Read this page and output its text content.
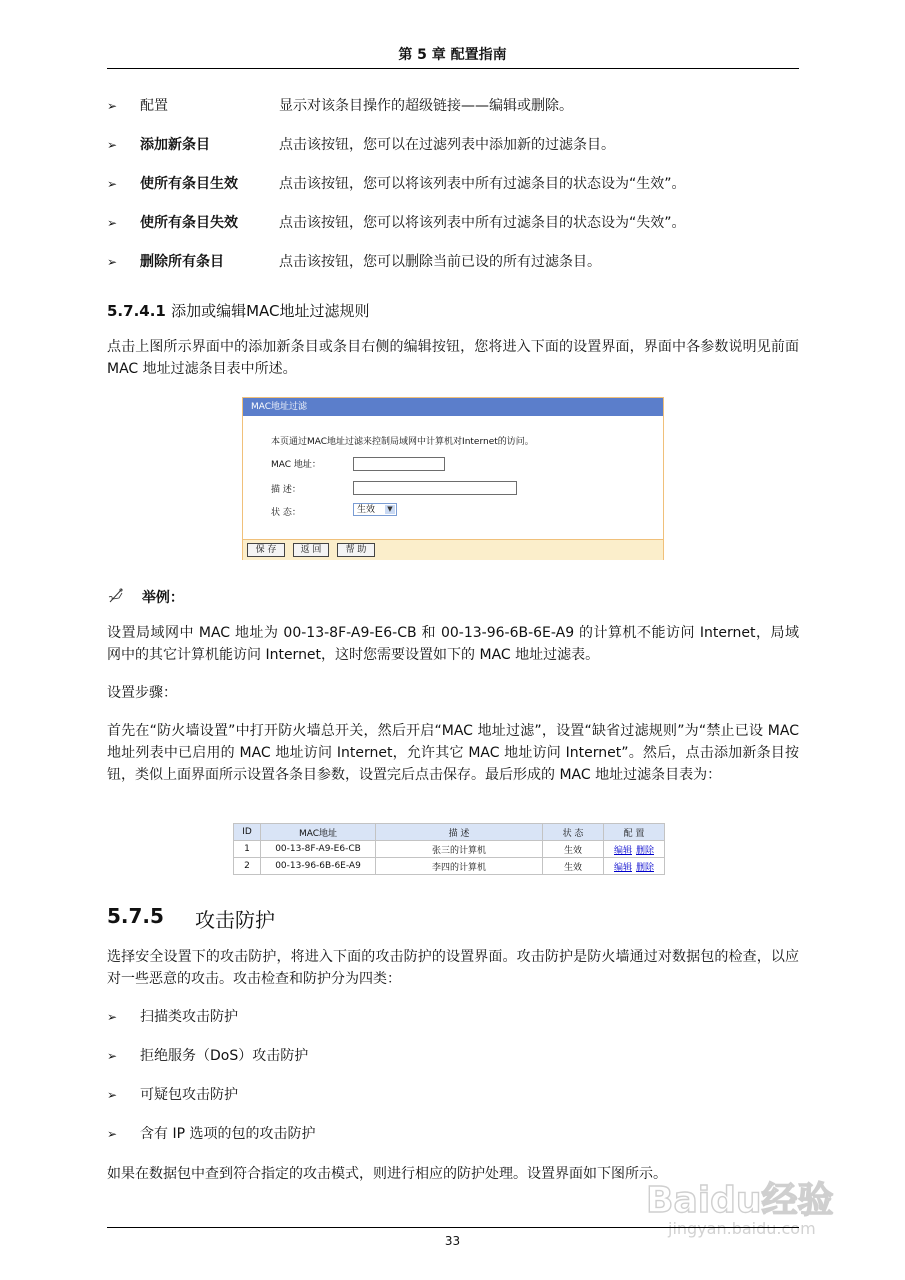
第 5 章 配置指南
➢ 配置	显示对该条目操作的超级链接——编辑或删除。
➢ 添加新条目	点击该按钮，您可以在过滤列表中添加新的过滤条目。
➢ 使所有条目生效	点击该按钮，您可以将该列表中所有过滤条目的状态设为“生效”。
➢ 使所有条目失效	点击该按钮，您可以将该列表中所有过滤条目的状态设为“失效”。
➢ 删除所有条目	点击该按钮，您可以删除当前已设的所有过滤条目。
5.7.4.1 添加或编辑MAC地址过滤规则
点击上图所示界面中的添加新条目或条目右侧的编辑按钮，您将进入下面的设置界面，界面中各参数说明见前面 MAC 地址过滤条目表中所述。
MAC地址过滤
本页通过MAC地址过滤来控制局域网中计算机对Internet的访问。
MAC 地址：
描 述：
状 态：	生效	▼
保 存	返 回	帮 助
举例：
设置局域网中 MAC 地址为 00-13-8F-A9-E6-CB 和 00-13-96-6B-6E-A9 的计算机不能访问 Internet，局域网中的其它计算机能访问 Internet，这时您需要设置如下的 MAC 地址过滤表。
设置步骤：
首先在“防火墙设置”中打开防火墙总开关，然后开启“MAC 地址过滤”，设置“缺省过滤规则”为“禁止已设 MAC 地址列表中已启用的 MAC 地址访问 Internet，允许其它 MAC 地址访问 Internet”。然后，点击添加新条目按钮，类似上面界面所示设置各条目参数，设置完后点击保存。最后形成的 MAC 地址过滤条目表为：
ID	MAC地址	描 述	状 态	配 置
1	00-13-8F-A9-E6-CB	张三的计算机	生效	编辑 删除
2	00-13-96-6B-6E-A9	李四的计算机	生效	编辑 删除
5.7.5 攻击防护
选择安全设置下的攻击防护，将进入下面的攻击防护的设置界面。攻击防护是防火墙通过对数据包的检查，以应对一些恶意的攻击。攻击检查和防护分为四类：
➢ 扫描类攻击防护
➢ 拒绝服务（DoS）攻击防护
➢ 可疑包攻击防护
➢ 含有 IP 选项的包的攻击防护
如果在数据包中查到符合指定的攻击模式，则进行相应的防护处理。设置界面如下图所示。
Baidu经验
jingyan.baidu.com
33
